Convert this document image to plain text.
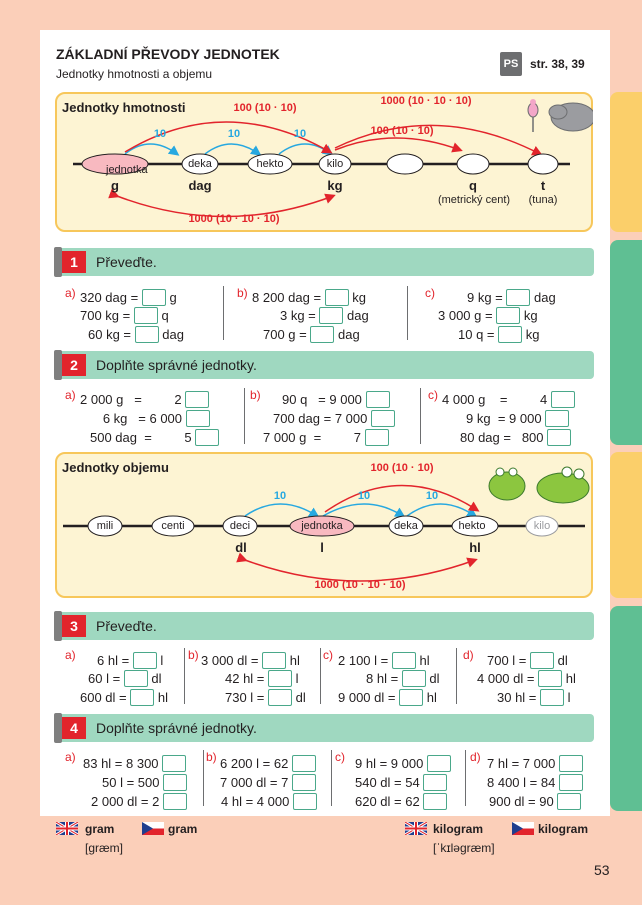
ZÁKLADNÍ PŘEVODY JEDNOTEK
Jednotky hmotnosti a objemu
PS str. 38, 39
Jednotky hmotnosti
jednotka	deka	hekto	kilo
g	dag	kg	q	t
(metrický cent)	(tuna)
10	10	10
100 (10 · 10)
1000 (10 · 10 · 10)
100 (10 · 10)
1000 (10 · 10 · 10)
1	Převeďte.
a) 320 dag = g
700 kg = q
60 kg = dag
b) 8 200 dag = kg
3 kg = dag
700 g = dag
c) 9 kg = dag
3 000 g = kg
10 q = kg
2	Doplňte správné jednotky.
a) 2 000 g =	2
6 kg = 6 000
500 dag =	5
b) 90 q = 9 000
700 dag = 7 000
7 000 g =	7
c) 4 000 g =	4
9 kg = 9 000
80 dag = 800
Jednotky objemu
mili	centi	deci	jednotka	deka	hekto	kilo
dl	l	hl
10	10	10
100 (10 · 10)
1000 (10 · 10 · 10)
3	Převeďte.
a) 6 hl = l
60 l = dl
600 dl = hl
b) 3 000 dl = hl
42 hl = l
730 l = dl
c) 2 100 l = hl
8 hl = dl
9 000 dl = hl
d) 700 l = dl
4 000 dl = hl
30 hl = l
4	Doplňte správné jednotky.
a) 83 hl = 8 300
50 l = 500
2 000 dl = 2
b) 6 200 l = 62
7 000 dl = 7
4 hl = 4 000
c) 9 hl = 9 000
540 dl = 54
620 dl = 62
d) 7 hl = 7 000
8 400 l = 84
900 dl = 90
gram
[græm]
gram	kilogram
[ˈkɪləɡræm]
kilogram
53
